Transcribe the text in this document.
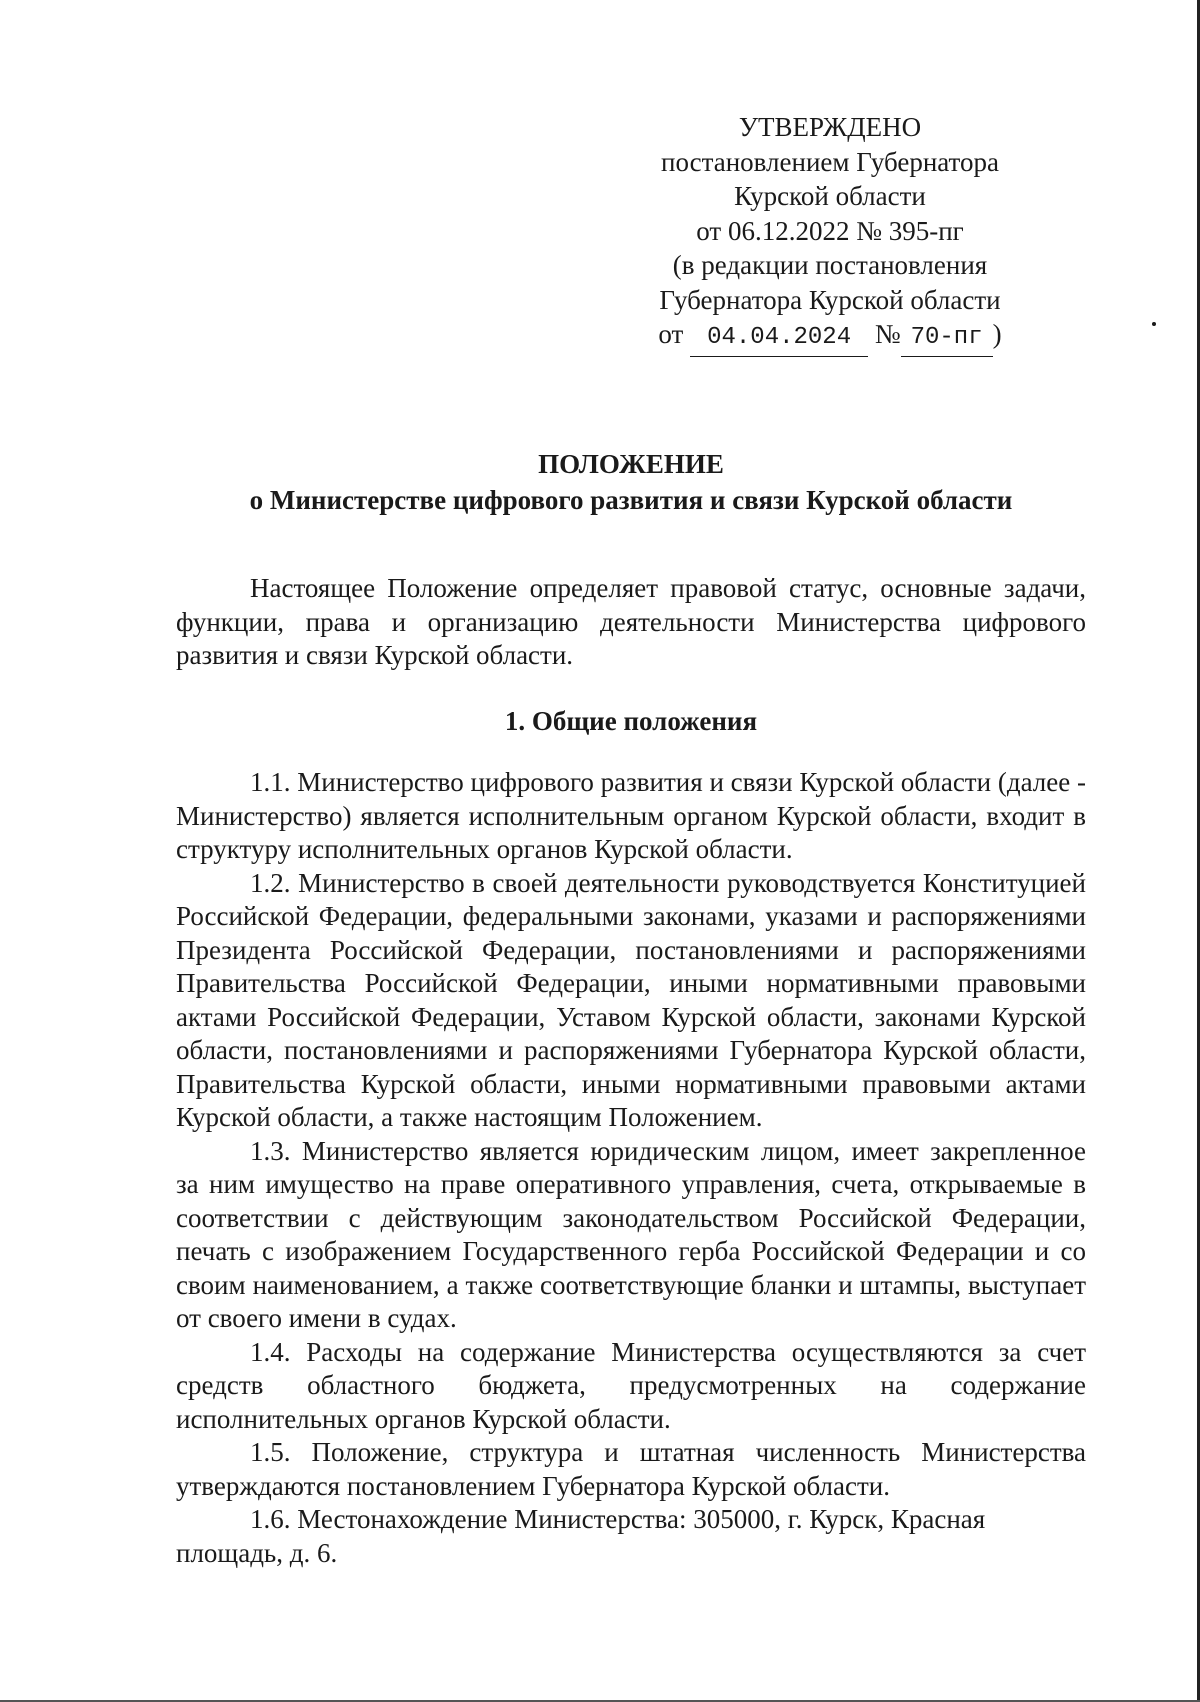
УТВЕРЖДЕНО
постановлением Губернатора
Курской области
от 06.12.2022 № 395-пг
(в редакции постановления
Губернатора Курской области
от 04.04.2024 № 70-пг )
ПОЛОЖЕНИЕ
о Министерстве цифрового развития и связи Курской области

Настоящее Положение определяет правовой статус, основные задачи, функции, права и организацию деятельности Министерства цифрового развития и связи Курской области.

1. Общие положения

1.1. Министерство цифрового развития и связи Курской области (далее - Министерство) является исполнительным органом Курской области, входит в структуру исполнительных органов Курской области.

1.2. Министерство в своей деятельности руководствуется Конституцией Российской Федерации, федеральными законами, указами и распоряжениями Президента Российской Федерации, постановлениями и распоряжениями Правительства Российской Федерации, иными нормативными правовыми актами Российской Федерации, Уставом Курской области, законами Курской области, постановлениями и распоряжениями Губернатора Курской области, Правительства Курской области, иными нормативными правовыми актами Курской области, а также настоящим Положением.

1.3. Министерство является юридическим лицом, имеет закрепленное за ним имущество на праве оперативного управления, счета, открываемые в соответствии с действующим законодательством Российской Федерации, печать с изображением Государственного герба Российской Федерации и со своим наименованием, а также соответствующие бланки и штампы, выступает от своего имени в судах.

1.4. Расходы на содержание Министерства осуществляются за счет средств областного бюджета, предусмотренных на содержание исполнительных органов Курской области.

1.5. Положение, структура и штатная численность Министерства утверждаются постановлением Губернатора Курской области.

1.6. Местонахождение Министерства: 305000, г. Курск, Красная площадь, д. 6.
